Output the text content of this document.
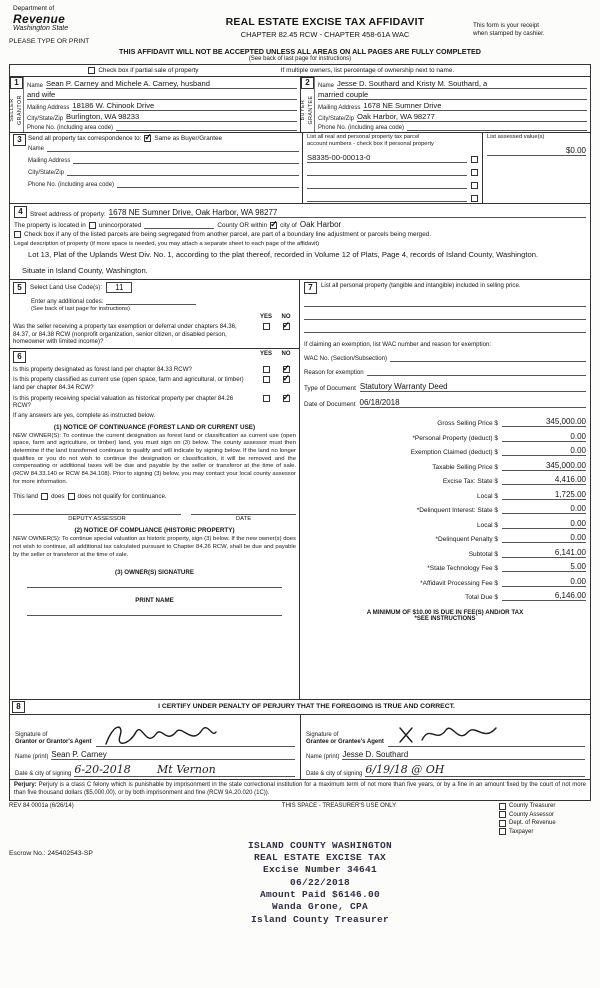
Department of
Revenue
Washington State
PLEASE TYPE OR PRINT
REAL ESTATE EXCISE TAX AFFIDAVIT
CHAPTER 82.45 RCW - CHAPTER 458-61A WAC
This form is your receipt
when stamped by cashier.
THIS AFFIDAVIT WILL NOT BE ACCEPTED UNLESS ALL AREAS ON ALL PAGES ARE FULLY COMPLETED
(See back of last page for instructions)
Check box if partial sale of property	If multiple owners, list percentage of ownership next to name.
1
SELLER GRANTOR
Name Sean P. Carney and Michele A. Carney, husband
and wife
Mailing Address 18186 W. Chinook Drive
City/State/Zip Burlington, WA 98233
Phone No. (including area code)
2
BUYER GRANTEE
Name Jesse D. Southard and Kristy M. Southard, a
married couple
Mailing Address 1678 NE Sumner Drive
City/State/Zip Oak Harbor, WA 98277
Phone No. (including area code)
3 Send all property tax correspondence to: ✓ Same as Buyer/Grantee
Name
Mailing Address
City/State/Zip
Phone No. (including area code)
List all real and personal property tax parcel
account numbers - check box if personal property
S8335-00-00013-0
List assessed value(s)
$0.00
4	Street address of property: 1678 NE Sumner Drive, Oak Harbor, WA 98277
The property is located in unincorporated	County OR within ✓ city of Oak Harbor
Check box if any of the listed parcels are being segregated from another parcel, are part of a boundary line adjustment or parcels being merged.
Legal description of property (if more space is needed, you may attach a separate sheet to each page of the affidavit)
Lot 13, Plat of the Uplands West Div. No. 1, according to the plat thereof, recorded in Volume 12 of Plats, Page 4, records of Island County, Washington.
Situate in Island County, Washington.
5	Select Land Use Code(s):	11
Enter any additional codes:
(See back of last page for instructions)
YES	NO
Was the seller receiving a property tax exemption or deferral under chapters 84.36, 84.37, or 84.38 RCW (nonprofit organization, senior citizen, or disabled person, homeowner with limited income)?
✓
6	YES	NO
Is this property designated as forest land per chapter 84.33 RCW?
✓
Is this property classified as current use (open space, farm and agricultural, or timber) land per chapter 84.34 RCW?
✓
Is this property receiving special valuation as historical property per chapter 84.26 RCW?
✓
If any answers are yes, complete as instructed below.
(1) NOTICE OF CONTINUANCE (FOREST LAND OR CURRENT USE)
NEW OWNER(S): To continue the current designation as forest land or classification as current use (open space, farm and agriculture, or timber) land, you must sign on (3) below. The county assessor must then determine if the land transferred continues to qualify and will indicate by signing below. If the land no longer qualifies or you do not wish to continue the designation or classification, it will be removed and the compensating or additional taxes will be due and payable by the seller or transferor at the time of sale. (RCW 84.33.140 or RCW 84.34.108). Prior to signing (3) below, you may contact your local county assessor for more information.
This land does does not qualify for continuance.
DEPUTY ASSESSOR	DATE
(2) NOTICE OF COMPLIANCE (HISTORIC PROPERTY)
NEW OWNER(S): To continue special valuation as historic property, sign (3) below. If the new owner(s) does not wish to continue, all additional tax calculated pursuant to Chapter 84.26 RCW, shall be due and payable by the seller or transferor at the time of sale.
(3) OWNER(S) SIGNATURE
PRINT NAME
7	List all personal property (tangible and intangible) included in selling price.
If claiming an exemption, list WAC number and reason for exemption:
WAC No. (Section/Subsection)
Reason for exemption
Type of Document Statutory Warranty Deed
Date of Document 06/18/2018
Gross Selling Price $	345,000.00
*Personal Property (deduct) $	0.00
Exemption Claimed (deduct) $	0.00
Taxable Selling Price $	345,000.00
Excise Tax: State $	4,416.00
Local $	1,725.00
*Delinquent Interest: State $	0.00
Local $	0.00
*Delinquent Penalty $	0.00
Subtotal $	6,141.00
*State Technology Fee $	5.00
*Affidavit Processing Fee $	0.00
Total Due $	6,146.00
A MINIMUM OF $10.00 IS DUE IN FEE(S) AND/OR TAX
*SEE INSTRUCTIONS
8	I CERTIFY UNDER PENALTY OF PERJURY THAT THE FOREGOING IS TRUE AND CORRECT.
Signature of
Grantor or Grantor's Agent
Name (print) Sean P. Carney
Date & city of signing 6-20-2018 Mt Vernon
Signature of
Grantee or Grantee's Agent
Name (print) Jesse D. Southard
Date & city of signing 6/19/18 @ OH
Perjury: Perjury is a class C felony which is punishable by imprisonment in the state correctional institution for a maximum term of not more than five years, or by a fine in an amount fixed by the court of not more than five thousand dollars ($5,000.00), or by both imprisonment and fine (RCW 9A.20.020 (1C)).
REV 84 0001a (6/26/14)	THIS SPACE - TREASURER'S USE ONLY	County Treasurer
County Assessor
Dept. of Revenue
Taxpayer
Escrow No.: 245402543-SP
ISLAND COUNTY WASHINGTON
REAL ESTATE EXCISE TAX
Excise Number 34641
06/22/2018
Amount Paid $6146.00
Wanda Grone, CPA
Island County Treasurer
